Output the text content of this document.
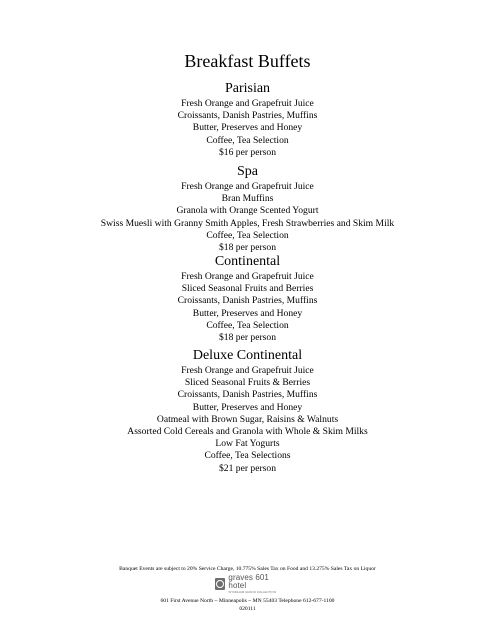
Breakfast Buffets
Parisian
Fresh Orange and Grapefruit Juice
Croissants, Danish Pastries, Muffins
Butter, Preserves and Honey
Coffee, Tea Selection
$16 per person
Spa
Fresh Orange and Grapefruit Juice
Bran Muffins
Granola with Orange Scented Yogurt
Swiss Muesli with Granny Smith Apples, Fresh Strawberries and Skim Milk
Coffee, Tea Selection
$18 per person
Continental
Fresh Orange and Grapefruit Juice
Sliced Seasonal Fruits and Berries
Croissants, Danish Pastries, Muffins
Butter, Preserves and Honey
Coffee, Tea Selection
$18 per person
Deluxe Continental
Fresh Orange and Grapefruit Juice
Sliced Seasonal Fruits & Berries
Croissants, Danish Pastries, Muffins
Butter, Preserves and Honey
Oatmeal with Brown Sugar, Raisins & Walnuts
Assorted Cold Cereals and Granola with Whole & Skim Milks
Low Fat Yogurts
Coffee, Tea Selections
$21 per person
Banquet Events are subject to 20% Service Charge, 10.775% Sales Tax on Food and 13.275% Sales Tax on Liquor
graves 601 hotel
WYNDHAM GRAND COLLECTION
601 First Avenue North ~ Minneapolis ~ MN 55403 Telephone 612-677-1100
020111
